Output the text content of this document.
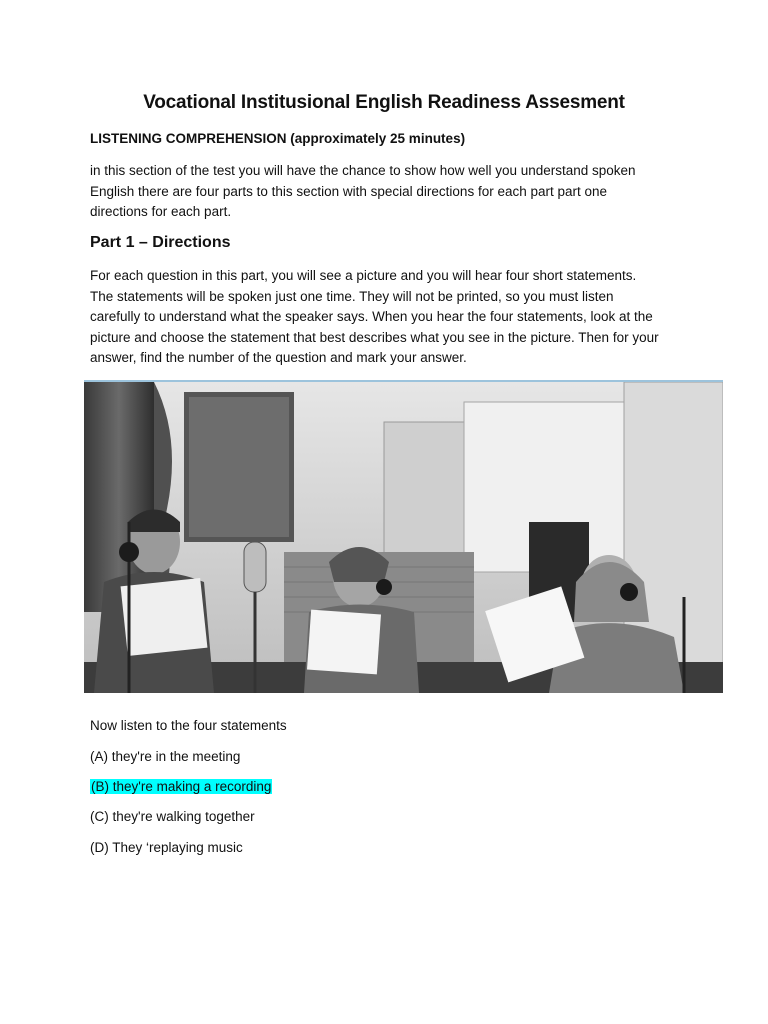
Vocational Institusional English Readiness Assesment
LISTENING COMPREHENSION (approximately 25 minutes)
in this section of the test you will have the chance to show how well you understand spoken
English there are four parts to this section with special directions for each part part one
directions for each part.
Part 1 – Directions
For each question in this part, you will see a picture and you will hear four short statements.
The statements will be spoken just one time. They will not be printed, so you must listen
carefully to understand what the speaker says. When you hear the four statements, look at the
picture and choose the statement that best describes what you see in the picture. Then for your
answer, find the number of the question and mark your answer.
Now listen to the four statements
(A) they're in the meeting
(B) they're making a recording
(C) they're walking together
(D) They ‘replaying music
